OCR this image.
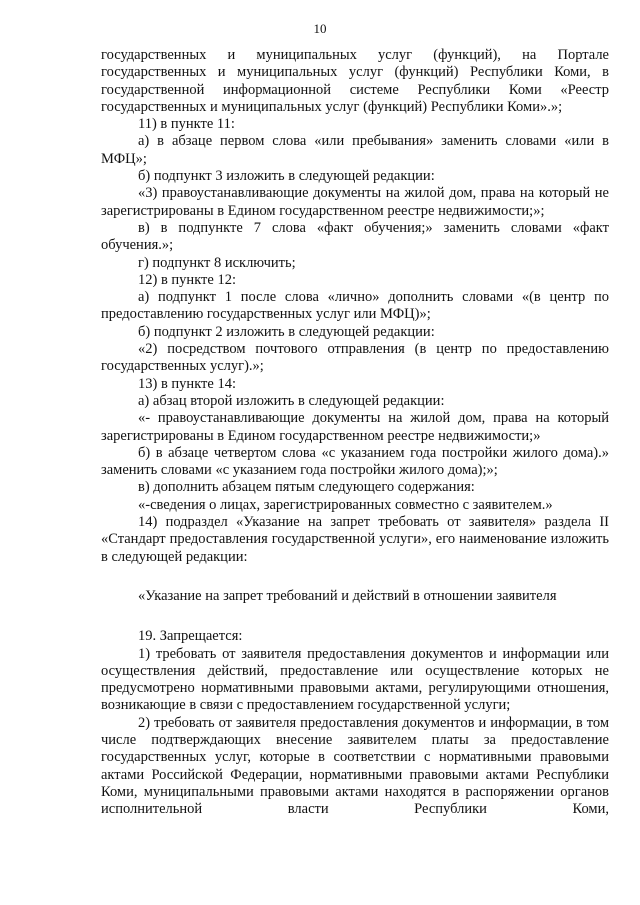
10

государственных и муниципальных услуг (функций), на Портале государственных и муниципальных услуг (функций) Республики Коми, в государственной информационной системе Республики Коми «Реестр государственных и муниципальных услуг (функций) Республики Коми».»;

11) в пункте 11:

а) в абзаце первом слова «или пребывания» заменить словами «или в МФЦ»;

б) подпункт 3 изложить в следующей редакции:

«3) правоустанавливающие документы на жилой дом, права на который не зарегистрированы в Едином государственном реестре недвижимости;»;

в) в подпункте 7 слова «факт обучения;» заменить словами «факт обучения.»;

г) подпункт 8 исключить;

12) в пункте 12:

а) подпункт 1 после слова «лично» дополнить словами «(в центр по предоставлению государственных услуг или МФЦ)»;

б) подпункт 2 изложить в следующей редакции:

«2) посредством почтового отправления (в центр по предоставлению государственных услуг).»;

13) в пункте 14:

а) абзац второй изложить в следующей редакции:

«- правоустанавливающие документы на жилой дом, права на который зарегистрированы в Едином государственном реестре недвижимости;»

б) в абзаце четвертом слова «с указанием года постройки жилого дома).» заменить словами «с указанием года постройки жилого дома);»;

в) дополнить абзацем пятым следующего содержания:

«-сведения о лицах, зарегистрированных совместно с заявителем.»

14) подраздел «Указание на запрет требовать от заявителя» раздела II «Стандарт предоставления государственной услуги», его наименование изложить в следующей редакции:

«Указание на запрет требований и действий в отношении заявителя

19. Запрещается:

1) требовать от заявителя предоставления документов и информации или осуществления действий, предоставление или осуществление которых не предусмотрено нормативными правовыми актами, регулирующими отношения, возникающие в связи с предоставлением государственной услуги;

2) требовать от заявителя предоставления документов и информации, в том числе подтверждающих внесение заявителем платы за предоставление государственных услуг, которые в соответствии с нормативными правовыми актами Российской Федерации, нормативными правовыми актами Республики Коми, муниципальными правовыми актами находятся в распоряжении органов исполнительной власти Республики Коми,
